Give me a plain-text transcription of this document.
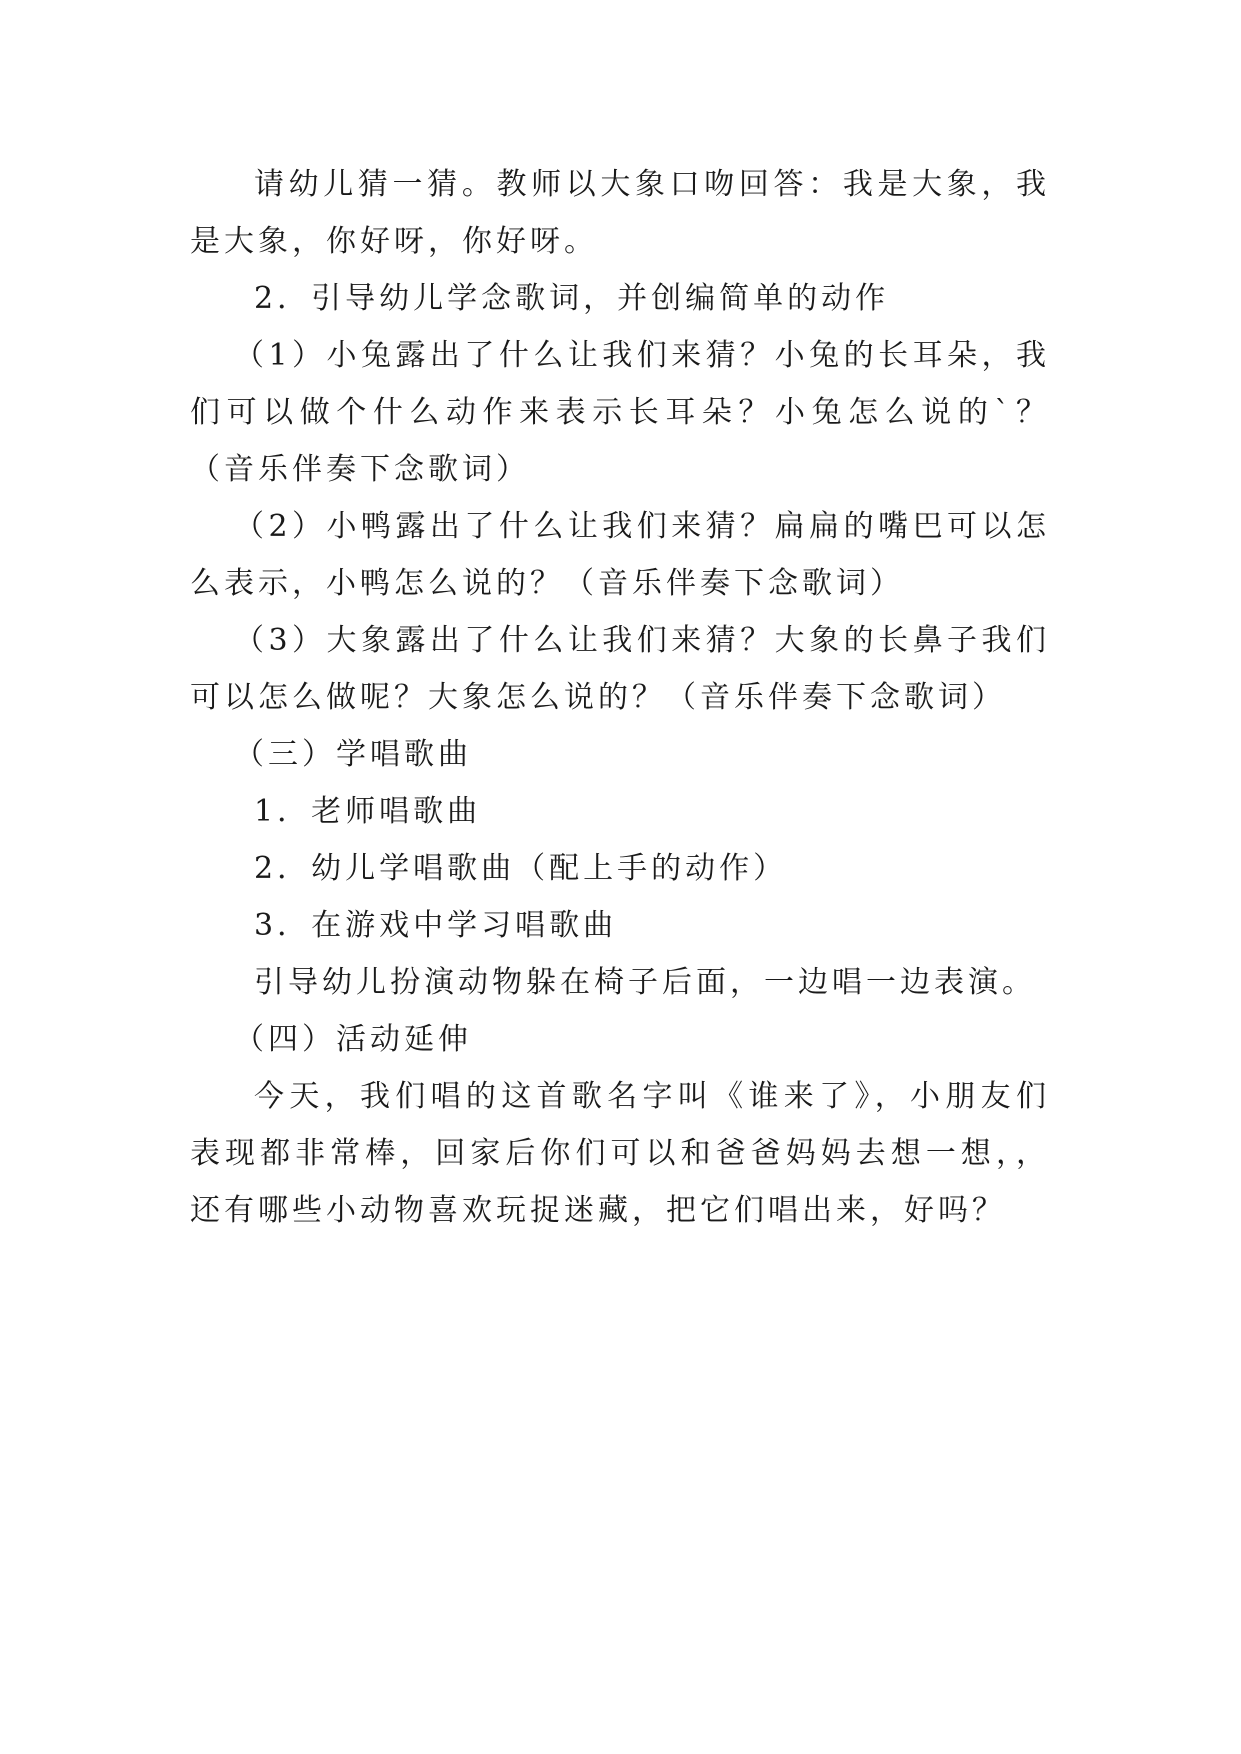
请幼儿猜一猜。教师以大象口吻回答：我是大象，我是大象，你好呀，你好呀。

2．引导幼儿学念歌词，并创编简单的动作

（1）小兔露出了什么让我们来猜？小兔的长耳朵，我们可以做个什么动作来表示长耳朵？小兔怎么说的`？（音乐伴奏下念歌词）

（2）小鸭露出了什么让我们来猜？扁扁的嘴巴可以怎么表示，小鸭怎么说的？（音乐伴奏下念歌词）

（3）大象露出了什么让我们来猜？大象的长鼻子我们可以怎么做呢？大象怎么说的？（音乐伴奏下念歌词）

（三）学唱歌曲

1．老师唱歌曲

2．幼儿学唱歌曲（配上手的动作）

3．在游戏中学习唱歌曲

引导幼儿扮演动物躲在椅子后面，一边唱一边表演。

（四）活动延伸

今天，我们唱的这首歌名字叫《谁来了》，小朋友们表现都非常棒，回家后你们可以和爸爸妈妈去想一想，，还有哪些小动物喜欢玩捉迷藏，把它们唱出来，好吗？
